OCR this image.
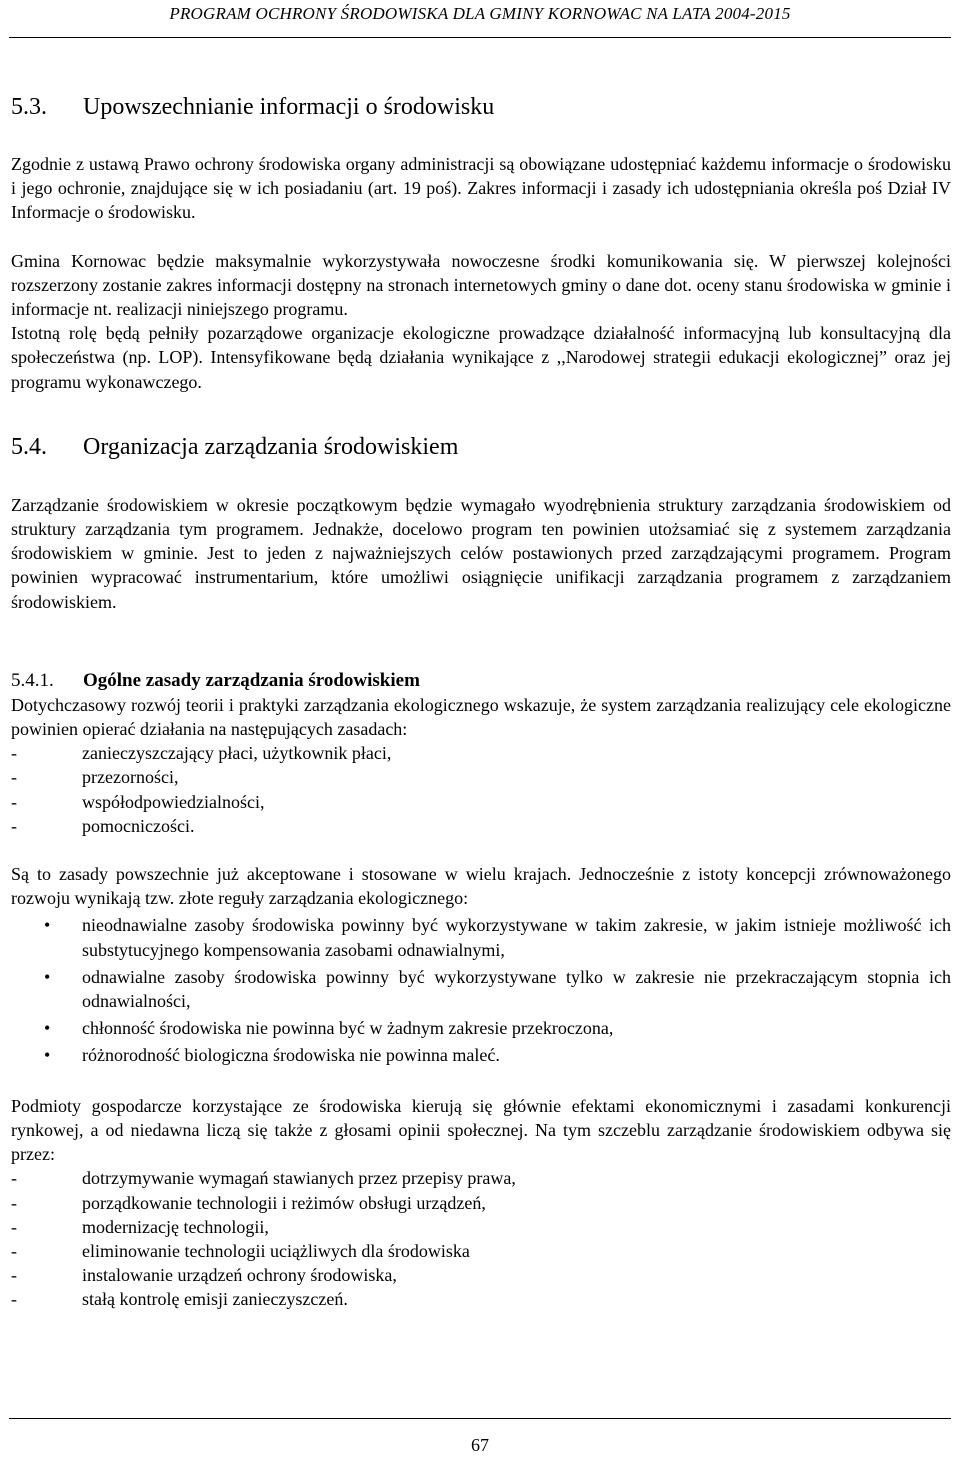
PROGRAM OCHRONY ŚRODOWISKA DLA GMINY KORNOWAC NA LATA 2004-2015
5.3.	Upowszechnianie informacji o środowisku

Zgodnie z ustawą Prawo ochrony środowiska organy administracji są obowiązane udostępniać każdemu informacje o środowisku i jego ochronie, znajdujące się w ich posiadaniu (art. 19 poś). Zakres informacji i zasady ich udostępniania określa poś Dział IV Informacje o środowisku.

Gmina Kornowac będzie maksymalnie wykorzystywała nowoczesne środki komunikowania się. W pierwszej kolejności rozszerzony zostanie zakres informacji dostępny na stronach internetowych gminy o dane dot. oceny stanu środowiska w gminie i informacje nt. realizacji niniejszego programu.

Istotną rolę będą pełniły pozarządowe organizacje ekologiczne prowadzące działalność informacyjną lub konsultacyjną dla społeczeństwa (np. LOP). Intensyfikowane będą działania wynikające z ,,Narodowej strategii edukacji ekologicznej” oraz jej programu wykonawczego.

5.4.	Organizacja zarządzania środowiskiem

Zarządzanie środowiskiem w okresie początkowym będzie wymagało wyodrębnienia struktury zarządzania środowiskiem od struktury zarządzania tym programem. Jednakże, docelowo program ten powinien utożsamiać się z systemem zarządzania środowiskiem w gminie. Jest to jeden z najważniejszych celów postawionych przed zarządzającymi programem. Program powinien wypracować instrumentarium, które umożliwi osiągnięcie unifikacji zarządzania programem z zarządzaniem środowiskiem.

5.4.1.	Ogólne zasady zarządzania środowiskiem

Dotychczasowy rozwój teorii i praktyki zarządzania ekologicznego wskazuje, że system zarządzania realizujący cele ekologiczne powinien opierać działania na następujących zasadach:

-	zanieczyszczający płaci, użytkownik płaci,
-	przezorności,
-	współodpowiedzialności,
-	pomocniczości.

Są to zasady powszechnie już akceptowane i stosowane w wielu krajach. Jednocześnie z istoty koncepcji zrównoważonego rozwoju wynikają tzw. złote reguły zarządzania ekologicznego:

•	nieodnawialne zasoby środowiska powinny być wykorzystywane w takim zakresie, w jakim istnieje możliwość ich substytucyjnego kompensowania zasobami odnawialnymi,
•	odnawialne zasoby środowiska powinny być wykorzystywane tylko w zakresie nie przekraczającym stopnia ich odnawialności,
•	chłonność środowiska nie powinna być w żadnym zakresie przekroczona,
•	różnorodność biologiczna środowiska nie powinna maleć.

Podmioty gospodarcze korzystające ze środowiska kierują się głównie efektami ekonomicznymi i zasadami konkurencji rynkowej, a od niedawna liczą się także z głosami opinii społecznej. Na tym szczeblu zarządzanie środowiskiem odbywa się przez:

-	dotrzymywanie wymagań stawianych przez przepisy prawa,
-	porządkowanie technologii i reżimów obsługi urządzeń,
-	modernizację technologii,
-	eliminowanie technologii uciążliwych dla środowiska
-	instalowanie urządzeń ochrony środowiska,
-	stałą kontrolę emisji zanieczyszczeń.
67
